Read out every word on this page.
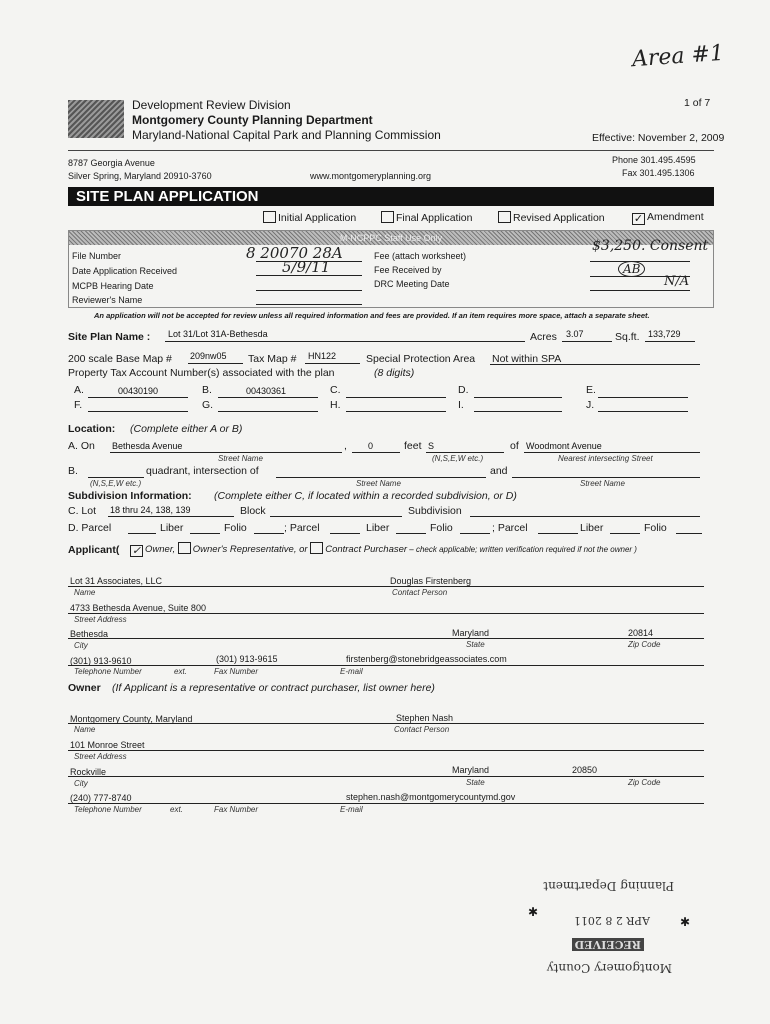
Area #1
Development Review Division
Montgomery County Planning Department
Maryland-National Capital Park and Planning Commission
1 of 7
Effective: November 2, 2009
8787 Georgia Avenue
Silver Spring, Maryland 20910-3760	www.montgomeryplanning.org
Phone 301.495.4595
Fax 301.495.1306
SITE PLAN APPLICATION
Initial Application	Final Application	Revised Application	✓ Amendment
M-NCPPC Staff Use Only
File Number	8 20070 28A
Date Application Received	5/9/11
MCPB Hearing Date
Reviewer's Name
Fee (attach worksheet)
$3,250. Consent
Fee Received by	AB
DRC Meeting Date	N/A
An application will not be accepted for review unless all required information and fees are provided. If an item requires more space, attach a separate sheet.
Site Plan Name : Lot 31/Lot 31A-Bethesda	Acres 3.07	Sq.ft. 133,729
200 scale Base Map # 209nw05 Tax Map # HN122	Special Protection Area Not within SPA
Property Tax Account Number(s) associated with the plan	(8 digits)
A.	00430190	B.	00430361	C.	D.	E.
F.	G.	H.	I.	J.
Location: (Complete either A or B)
A. On Bethesda Avenue	, 0	feet S	of Woodmont Avenue
Street Name	(N,S,E,W etc.)	Nearest intersecting Street
B.	quadrant, intersection of	and
(N,S,E,W etc.)	Street Name	Street Name
Subdivision Information: (Complete either C, if located within a recorded subdivision, or D)
C. Lot 18 thru 24, 138, 139	Block	Subdivision
D. Parcel	Liber	Folio	; Parcel	Liber	Folio	; Parcel	Liber	Folio
Applicant( ✓ Owner, Owner's Representative, or Contract Purchaser – check applicable; written verification required if not the owner )
Lot 31 Associates, LLC	Douglas Firstenberg
Name	Contact Person
4733 Bethesda Avenue, Suite 800
Street Address
Bethesda	Maryland	20814
City	State	Zip Code
(301) 913-9610	(301) 913-9615	firstenberg@stonebridgeassociates.com
Telephone Number	ext.	Fax Number	E-mail
Owner (If Applicant is a representative or contract purchaser, list owner here)
Montgomery County, Maryland	Stephen Nash
Name	Contact Person
101 Monroe Street
Street Address
Rockville	Maryland	20850
City	State	Zip Code
(240) 777-8740	stephen.nash@montgomerycountymd.gov
Telephone Number	ext.	Fax Number	E-mail
Montgomery County
RECEIVED
APR 2 8 2011
Planning Department
✱
✱
